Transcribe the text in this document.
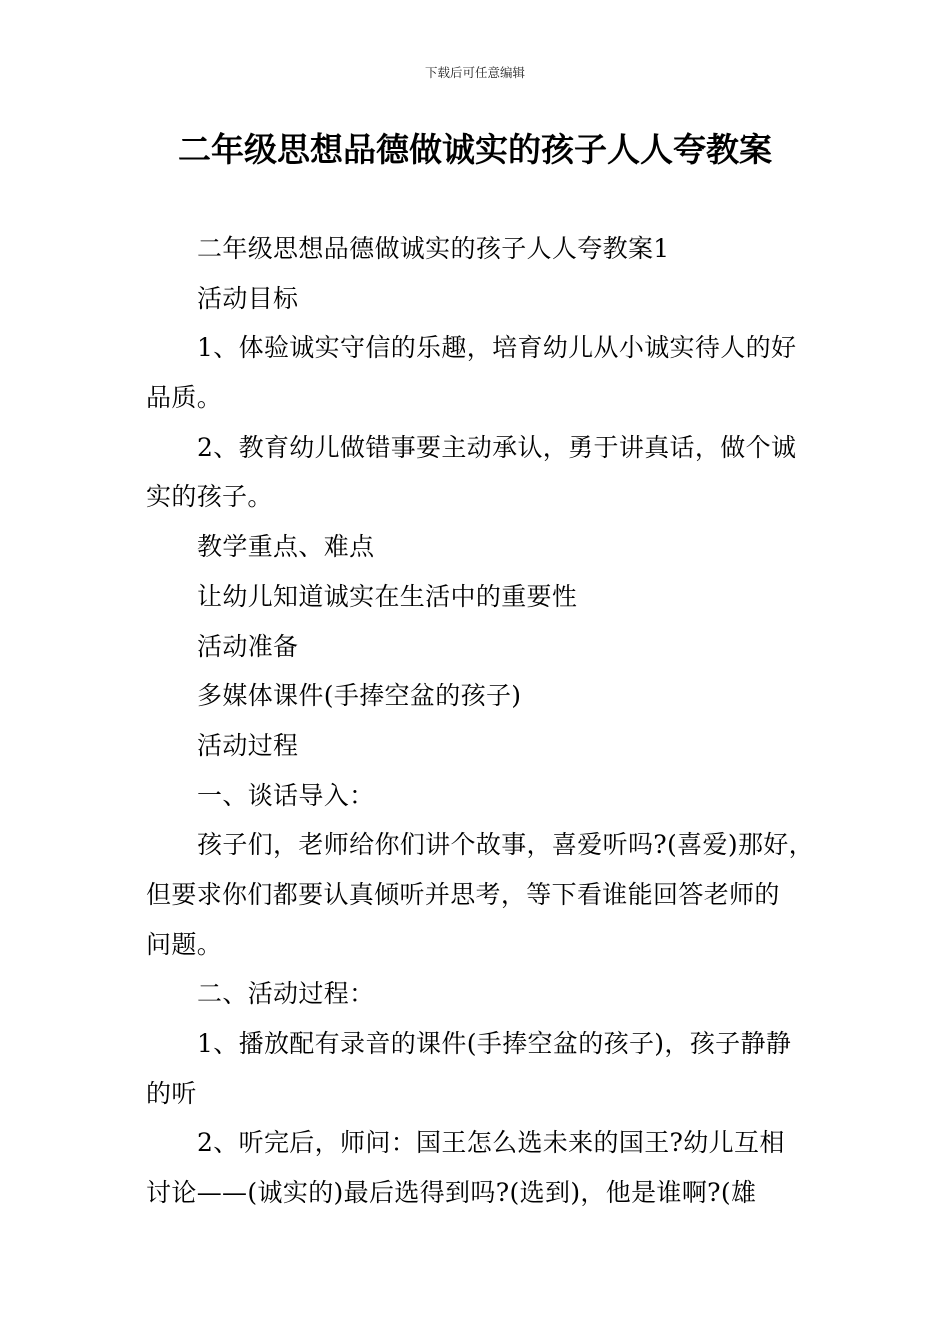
下载后可任意编辑
二年级思想品德做诚实的孩子人人夸教案
二年级思想品德做诚实的孩子人人夸教案1
活动目标
1、体验诚实守信的乐趣，培育幼儿从小诚实待人的好
品质。
2、教育幼儿做错事要主动承认，勇于讲真话，做个诚
实的孩子。
教学重点、难点
让幼儿知道诚实在生活中的重要性
活动准备
多媒体课件(手捧空盆的孩子)
活动过程
一、谈话导入：
孩子们，老师给你们讲个故事，喜爱听吗?(喜爱)那好，
但要求你们都要认真倾听并思考，等下看谁能回答老师的
问题。
二、活动过程：
1、播放配有录音的课件(手捧空盆的孩子)，孩子静静
的听
2、听完后，师问：国王怎么选未来的国王?幼儿互相
讨论——(诚实的)最后选得到吗?(选到)，他是谁啊?(雄
